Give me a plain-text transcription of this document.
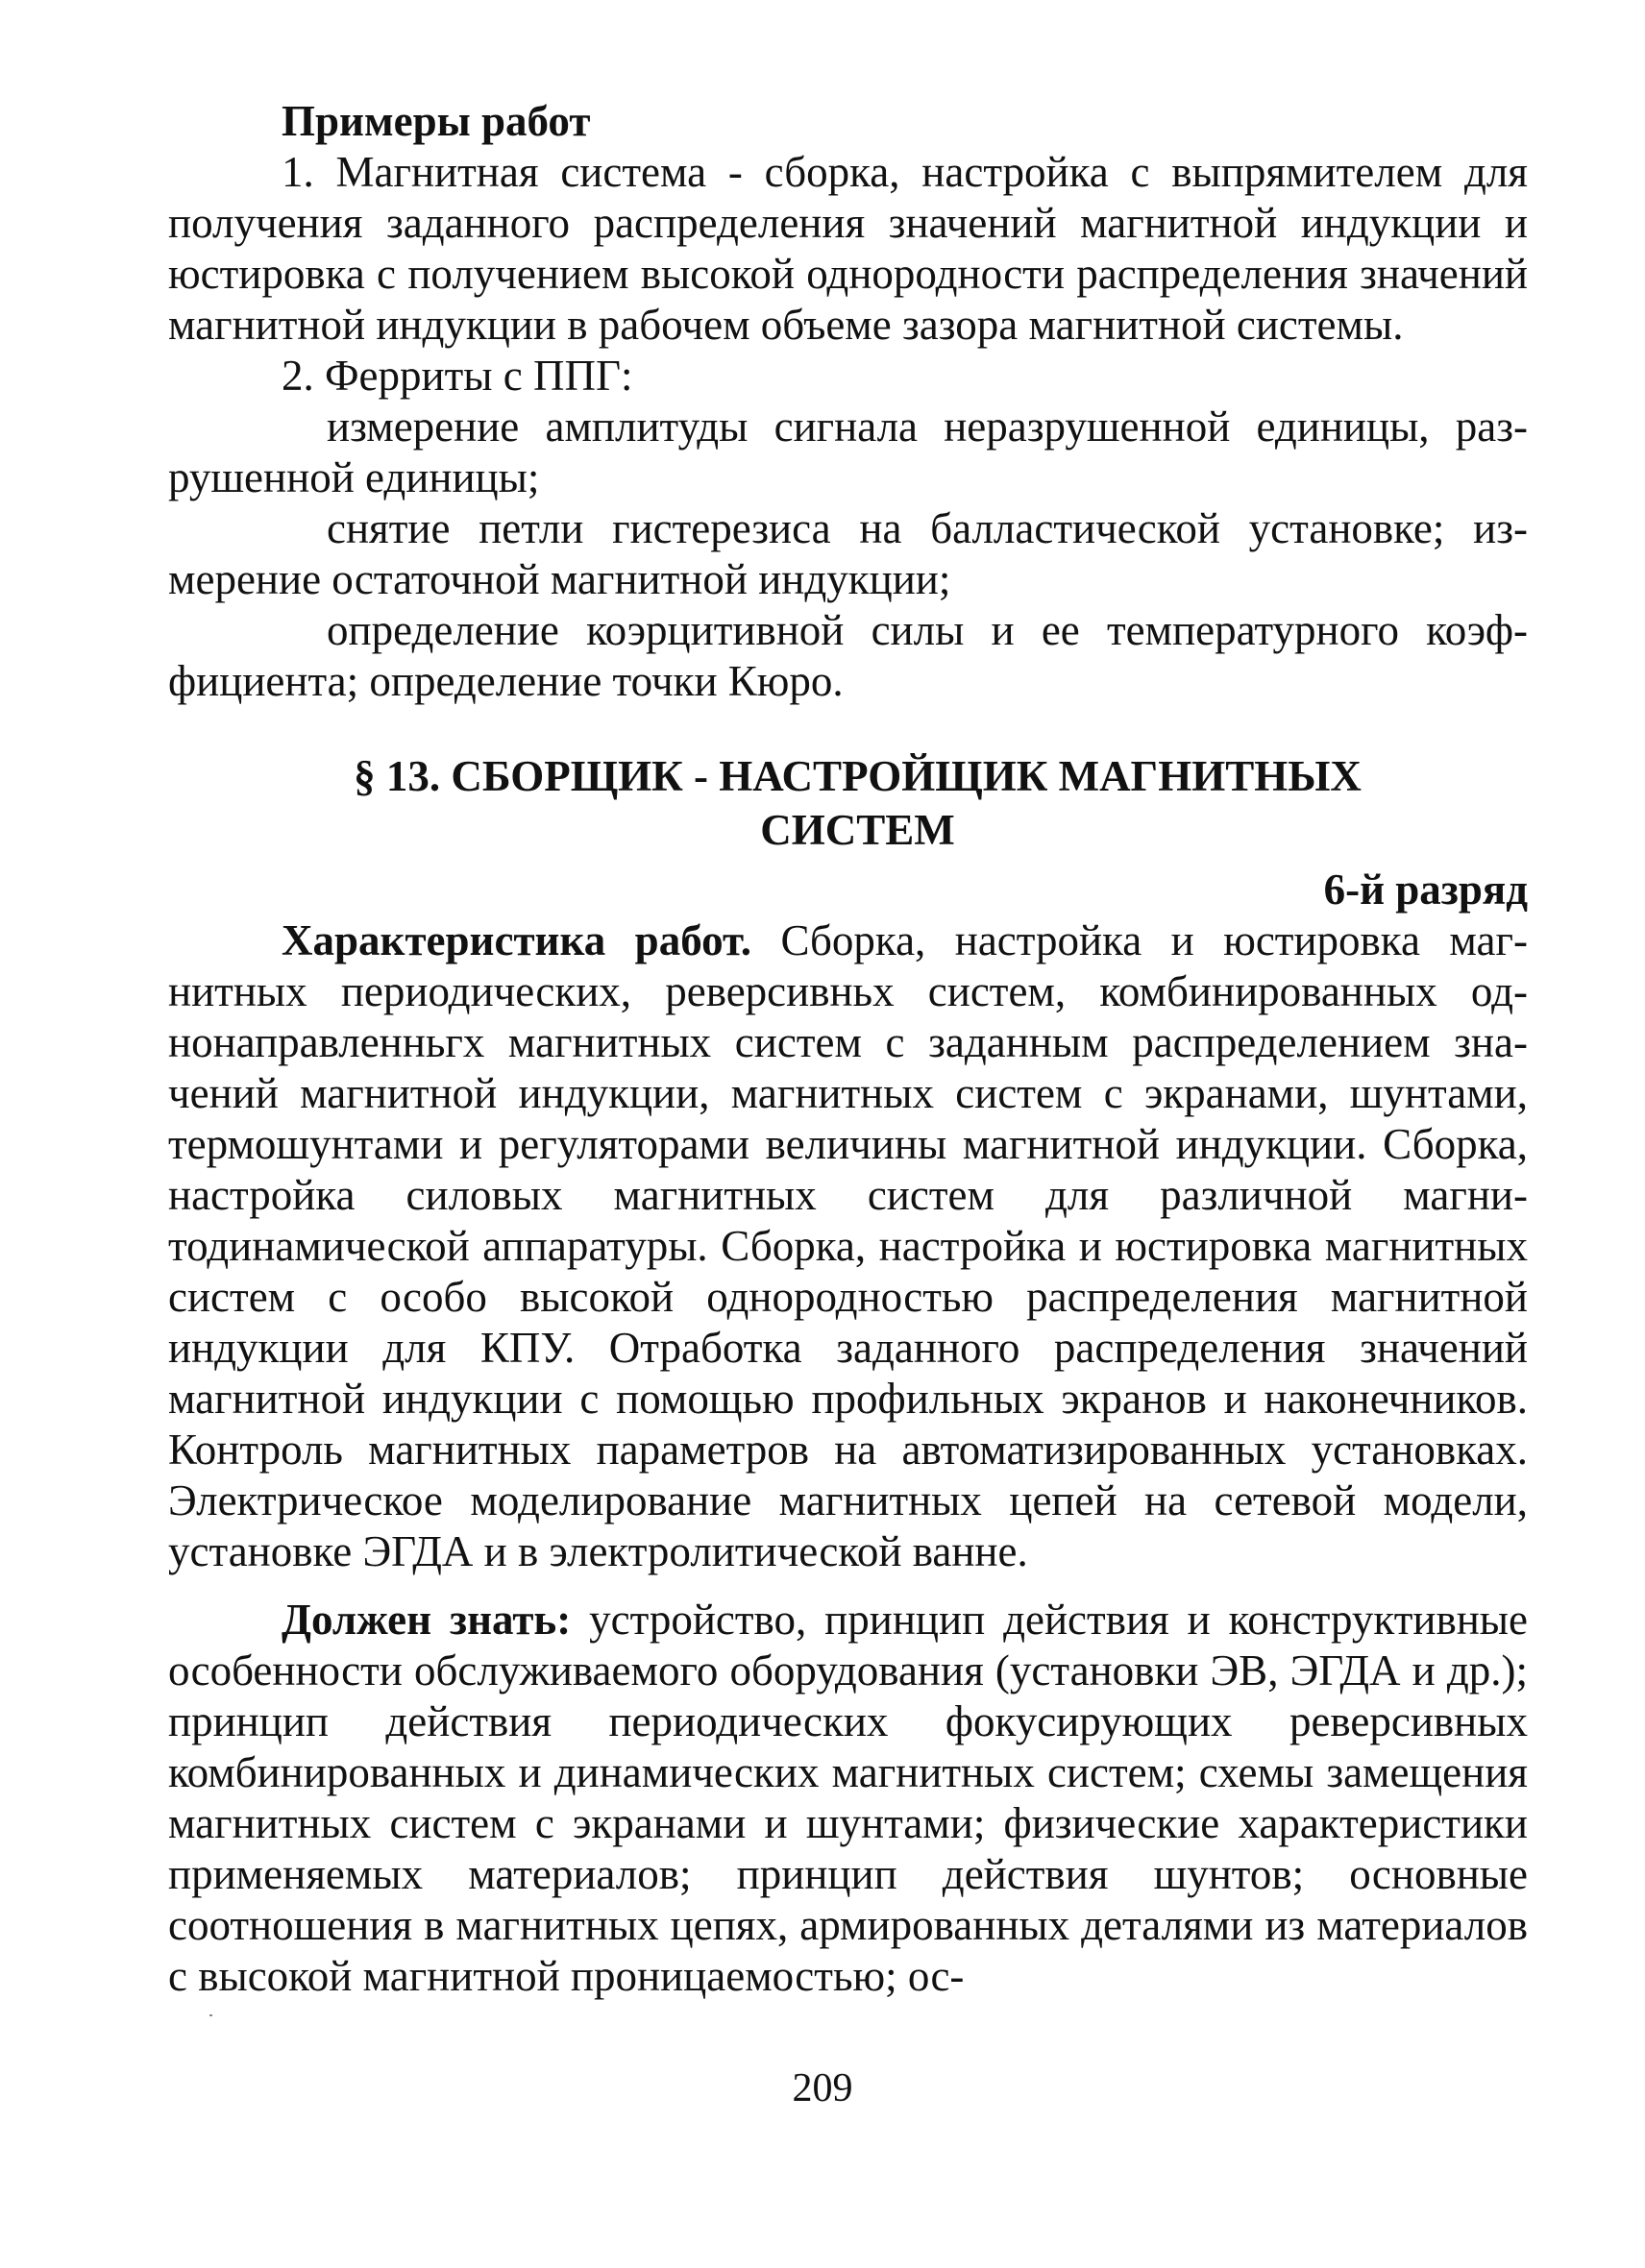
Примеры работ

1. Магнитная система - сборка, настройка с выпрямителем для получения заданного распределения значений магнитной индукции и юстировка с получением высокой однородности распределения значений магнитной индукции в рабочем объеме зазора магнитной системы.

2. Ферриты с ППГ:

измерение амплитуды сигнала неразрушенной единицы, разрушенной единицы;

снятие петли гистерезиса на балластической установке; измерение остаточной магнитной индукции;

определение коэрцитивной силы и ее температурного коэффициента; определение точки Кюро.

§ 13. СБОРЩИК - НАСТРОЙЩИК МАГНИТНЫХ
СИСТЕМ

6-й разряд

Характеристика работ. Сборка, настройка и юстировка магнитных периодических, реверсивньх систем, комбинированных однонаправленньгх магнитных систем с заданным распределением значений магнитной индукции, магнитных систем с экранами, шунтами, термошунтами и регуляторами величины магнитной индукции. Сборка, настройка силовых магнитных систем для различной магнитодинамической аппаратуры. Сборка, настройка и юстировка магнитных систем с особо высокой однородностью распределения магнитной индукции для КПУ. Отработка заданного распределения значений магнитной индукции с помощью профильных экранов и наконечников. Контроль магнитных параметров на автоматизированных установках. Электрическое моделирование магнитных цепей на сетевой модели, установке ЭГДА и в электролитической ванне.

Должен знать: устройство, принцип действия и конструктивные особенности обслуживаемого оборудования (установки ЭВ, ЭГДА и др.); принцип действия периодических фокусирующих реверсивных комбинированных и динамических магнитных систем; схемы замещения магнитных систем с экранами и шунтами; физические характеристики применяемых материалов; принцип действия шунтов; основные соотношения в магнитных цепях, армированных деталями из материалов с высокой магнитной проницаемостью; ос-

209
